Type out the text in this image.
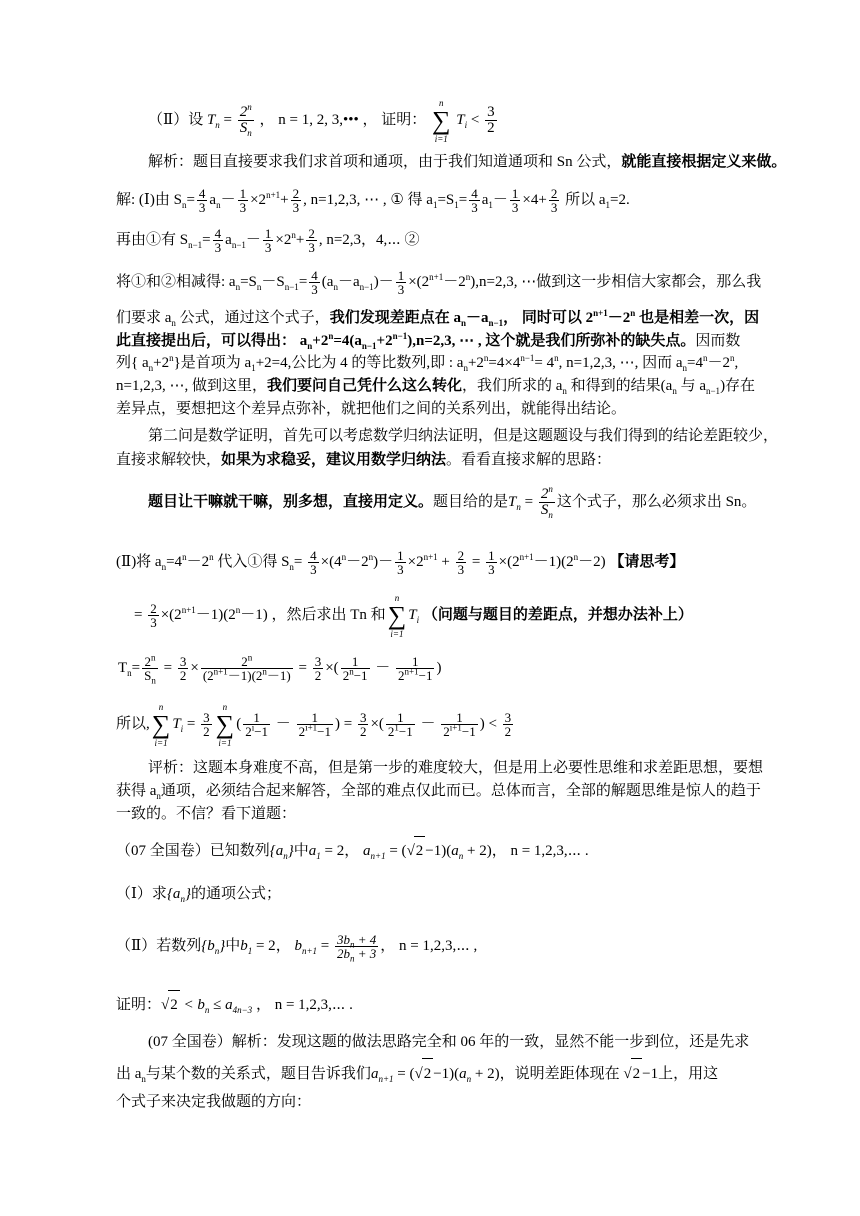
（Ⅱ）设 $T_n = \frac{2^n}{S_n}$ ， n = 1, 2, 3,••• ， 证明：
n
∑
i=1
$T_i < \frac{3}{2}$
解析：题目直接要求我们求首项和通项，由于我们知道通项和 Sn 公式，就能直接根据定义来做。
解: (Ⅰ)由 $S_n= \frac{4}{3} a_n- \frac{1}{3} \times 2^{n+1}+ \frac{2}{3}$ , n=1,2,3, ⋯ , ① 得 $a_1=S_1= \frac{4}{3} a_1- \frac{1}{3} \times 4+ \frac{2}{3}$ 所以 $a_1=2$.
再由①有 $S_{n-1}= \frac{4}{3} a_{n-1}- \frac{1}{3} \times 2^n+ \frac{2}{3}$ , n=2,3，4,⋯ ②
将①和②相减得: $a_n=S_n-S_{n-1}= \frac{4}{3} (a_n-a_{n-1})- \frac{1}{3} \times(2^{n+1}-2^n),n=2,3$, ⋯做到这一步相信大家都会，那么我
们要求 $a_n$ 公式，通过这个式子，我们发现差距点在 $a_n-a_{n-1}$， 同时可以 $2^{n+1}-2^n$ 也是相差一次，因
此直接提出后，可以得出： $a_n+2^n=4(a_{n-1}+2^{n-1}),n=2,3$, ⋯ , 这个就是我们所弥补的缺失点。因而数
列{ $a_n+2^n$}是首项为 $a_1+2=4$,公比为 4 的等比数列,即 : $a_n+2^n=4\times 4^{n-1}= 4^n$, n=1,2,3, ⋯, 因而 $a_n=4^n-2^n$,
n=1,2,3, ⋯, 做到这里，我们要问自己凭什么这么转化，我们所求的 $a_n$ 和得到的结果($a_n$ 与 $a_{n-1}$)存在
差异点，要想把这个差异点弥补，就把他们之间的关系列出，就能得出结论。
第二问是数学证明，首先可以考虑数学归纳法证明，但是这题题设与我们得到的结论差距较少，
直接求解较快，如果为求稳妥，建议用数学归纳法。看看直接求解的思路：
题目让干嘛就干嘛，别多想，直接用定义。题目给的是$T_n = \frac{2^n}{S_n}$ 这个式子，那么必须求出 Sn。
(Ⅱ)将 $a_n=4^n-2^n$ 代入①得 $S_n= \frac{4}{3} \times(4^n-2^n)- \frac{1}{3} \times 2^{n+1} + \frac{2}{3} = \frac{1}{3} \times(2^{n+1}-1)(2^n-2)$ 【请思考】
= $\frac{2}{3} \times(2^{n+1}-1)(2^n-1)$ ，然后求出 Tn 和
n
∑
i=1
$T_i$ （问题与题目的差距点，并想办法补上）
$T_n= \frac{2^n}{S_n} = \frac{3}{2} \times \frac{2^n}{(2^{n+1}-1)(2^n-1)} = \frac{3}{2}$ ×( $\frac{1}{2^n-1} - \frac{1}{2^{n+1}-1}$ )
所以,
n
∑
i=1
$T_i = \frac{3}{2}$
n
∑
i=1
( $\frac{1}{2^i-1} - \frac{1}{2^{i+1}-1}$ ) = $\frac{3}{2}$ ×( $\frac{1}{2^1-1} - \frac{1}{2^{i+1}-1}$ ) < $\frac{3}{2}$
评析：这题本身难度不高，但是第一步的难度较大，但是用上必要性思维和求差距思想，要想
获得 $a_n$通项，必须结合起来解答，全部的难点仅此而已。总体而言，全部的解题思维是惊人的趋于
一致的。不信？看下道题：
（07 全国卷）已知数列$\{a_n\}$中$a_1 = 2$， $a_{n+1} = (√2 -1)(a_n + 2)$， n = 1,2,3,⋯ .
（Ⅰ）求$\{a_n\}$的通项公式；
（Ⅱ）若数列$\{b_n\}$中$b_1 = 2$， $b_{n+1} = \frac{3b_n + 4}{2b_n + 3}$ ， n = 1,2,3,⋯ ,
证明：$√2 < b_n \le a_{4n-3}$ ， n = 1,2,3,⋯ .
(07 全国卷）解析：发现这题的做法思路完全和 06 年的一致，显然不能一步到位，还是先求
出 $a_n$与某个数的关系式，题目告诉我们$a_{n+1} = (√2 -1)(a_n + 2)$，说明差距体现在 √2 −1上，用这
个式子来决定我做题的方向：
